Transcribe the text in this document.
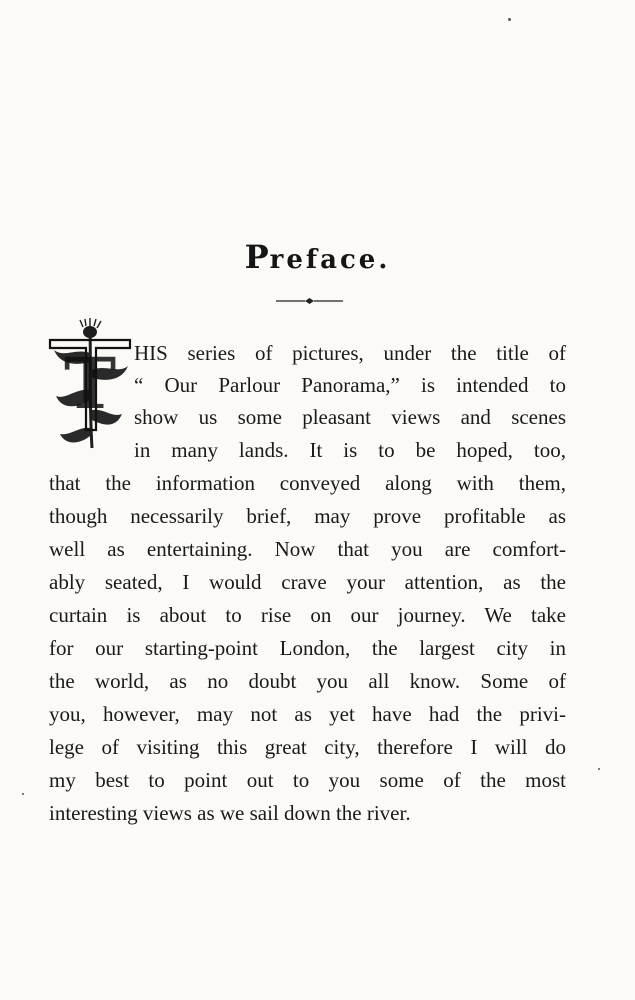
Preface.
T HIS series of pictures, under the title of
“ Our Parlour Panorama,” is intended to
show us some pleasant views and scenes
in many lands. It is to be hoped, too,
that the information conveyed along with them,
though necessarily brief, may prove profitable as
well as entertaining. Now that you are comfort-
ably seated, I would crave your attention, as the
curtain is about to rise on our journey. We take
for our starting-point London, the largest city in
the world, as no doubt you all know. Some of
you, however, may not as yet have had the privi-
lege of visiting this great city, therefore I will do
my best to point out to you some of the most
interesting views as we sail down the river.
